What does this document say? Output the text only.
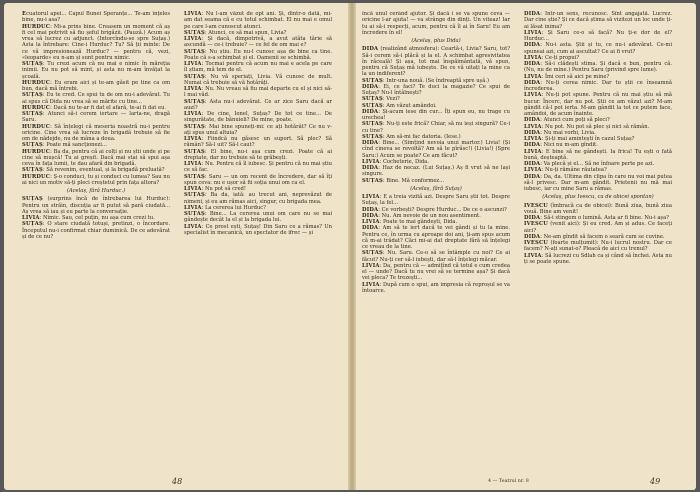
Ecuatorul apei... Capul Bunei Speranțe... Te-am înțeles bine, nu-i asa?

HURDUC: Mi-a prins bine. Creasem un moment că aș fi cel mai potrivit să fiu șeful brigăzii. (Pauză.) Acum aș vrea să lucrez cu adjunct. (Intorcîndu-se spre Suțaș.) Asta la întrebare: Cine-i Hurduc? Tu? Să ții minte: De ce vă impresionează Hurduc? — pentru că, vezi, «leoparde» eu n-am și sunt pentru nimic.

SUȚAȘ: Tu crezi acum că nu mai e nimic în măreția inimii. Eu nu pot să mint, și asta nu m-am învățat la școală.

HURDUC: Eu eram aici și te-am găsit pe tine ca om bun, dacă mă întrebi.

SUȚAȘ: Eu te cred. Ce spui tu de om nu-i adevărat. Tu ai spus că Dida nu vrea să se mărite cu tine...

HURDUC: Dacă nu te-ar fi dat el afară, te-ai fi dat eu.

SUȚAȘ: Atunci să-i cerem iertare — larta-ne, dragă Saru.

HURDUC: Să înțelegi că meseria noastră nu-i pentru oricine. Cine vrea să lucreze în brigadă trebuie să fie om de nădejde, nu de mâna a doua.

SUȚAȘ: Poate mă sancționezi...

HURDUC: Ba da, pentru că ai colți și nu știi unde și pe cine să mușcă! Tu ai greșit. Dacă mai stai să spui așa ceva în fața lumii, te dau afară din brigadă.

SUȚAȘ: Să revenim, eventual, și la brigadă preluată?

HURDUC: Ș-o conduci, tu și conduci cu lumea? Sau nu ai nici un motiv să-ți pleci creștetul prin fața altora?

(Acelaș, fără Hurduc.)

SUȚAȘ (surprins încă de întrebarea lui Hurduc): Pentru un străin, discuția ar fi putut să pară ciudată... Aș vrea să iau și eu parte la conversație.

LIVIA: Nimic. Sau, cel puțin, nu așa cum crezi tu.

SUȚAȘ: O stare ciudată totuși, pretinzi, o încordare. Începutul nu-i confirmat chiar duminică. De ce adevărat și de ce nu?

LIVIA: Nu l-am văzut de opt ani. Și, dintr-o dată, mi-am dat seama că e cu totul schimbat. El nu mai e omul pe care l-am cunoscut atunci.

SUȚAȘ: Atunci, ce să mai spun, Livia?

LIVIA: Și dacă, dimpotrivă, a avut atâta tărie să ascundă — ce-i trebuie? — ce fel de om mai e?

SUȚAȘ: Nu știu. Eu nu-l cunosc așa de bine ca tine. Poate că s-a schimbat și el. Oamenii se schimbă.

LIVIA: Tocmai pentru că acum nu mai e acela pe care îl știam, mă tem de el.

SUȚAȘ: Nu vă speriați, Livia. Vă cunosc de mult. Numai că trebuie să vă hotărâți.

LIVIA: Nu. Nu vreau să fiu mai departe cu el și nici să-l mai văd.

SUȚAȘ: Asta nu-i adevărat. Ce ar zice Saru dacă ar auzi?

LIVIA: De cine, Ionel, Suțaș? De tot ce tine... De singurătate, de bănuieli? De mine, poate.

SUȚAȘ: Mai bine spuneți-mi: ce ați hotărât? Ce nu v-ați spus unul altuia?

LIVIA: Fiindcă nu găsesc un suport. Să plec? Să rămân? Să-l uit? Să-l caut?

SUȚAȘ: El bine, nu-i așa cum crezi. Poate că ai dreptate, dar nu trebuie să te grăbești.

LIVIA: Nu. Pentru că îl iubesc. Și pentru că nu mai știu ce să fac.

SUȚAȘ: Saru — un om recent de încredere, dar să îți spun ceva: nu e ușor să fii soția unui om ca el.

LIVIA: Nu pot să cred!

SUȚAȘ: Ba da, iată: au trecut ani, neprevăzut de nimeni, și eu am rămas aici, singur, cu brigada mea.

LIVIA: La cererea lui Hurduc?

SUȚAȘ: Bine... La cererea unui om care nu se mai gândește decât la el și la brigada lui.

LIVIA: Ce prost ești, Suțaș! Din Saru ce a rămas? Un specialist în mecanică, un spectator de ifrec — și

48

încă unul cerând ajutor. Și dacă i se va spune ceva — oricine l-ar ajuta! — va strânge din dinți. Un viteaz! Iar tu ai să-i respecți, acum, pentru că îl ai în Saru! Eu am încredere în el!

(Acelaș, plus Dida)

DIDA (realizând atmosfera): Ceartă-i, Livia? Saru, tot? Să-i cerem să-i plăcă și la el. A schimbat agresivitatea în răceală! Și așa, tot mai înspăimântată, vă spun, pentru că Suțaș mă iubește. De ce vă uitați la mine ca la un indiferent?

SUȚAȘ: Intr-una nouă. (Se îndreaptă spre ușă.)

DIDA: Ei, ce faci? Te duci la magazie? Ce spui de Suțaș? Nu-l întâlnești?

SUȚAȘ: Vezi?

SUȚAȘ: Am văzut amândoi.

DIDA: Și-acum iese din cur... Îți spun eu, nu trage cu urechea!

SUȚAȘ: Nu-ți este frică? Chiar, să nu ieși singură? Ce-i cu tine?

SUȚAȘ: Am să-mi fac datoria. (Iese.)

DIDA: Bine... (Simțind nevoia unui martor.) Livia! (Și cînd cineva se revoltă? Am să te pîrăsc!) (Livia!) (Spre Saru:) Acum se poate? Ce am făcut?

LIVIA: Cocheterie, Dida.

DIDA: Haz de necaz. (Lui Suțaș.) Aș fi vrut să ne lași singure.

SUȚAȘ: Bine. Mă conformez...

(Acelaș, fără Suțaș)

LIVIA: E a treia vizită azi. Despre Saru știi tot. Despre Suțaș, la fel...

DIDA: Ce vorbești? Despre Hurduc... De ce o ascunzi?

DIDA: Nu. Am nevoie de un nou asentiment.

LIVIA: Poate te mai gândești, Dida.

DIDA: Am să te iert dacă te vei gândi și tu la mine. Pentru ce, în urma cu aproape doi ani, ți-am spus acum că m-ai trădat? Căci mi-ai dat dreptate fără să înțelegi ce vreau de la tine.

SUȚAȘ: Nu. Saru. Ce-o să se întâmple cu noi? Ce ai făcut? Nu-ți cer să-l iubești, dar să-l înțelegi măcar.

LIVIA: Da, pentru că — admițînd că totul e cum credea el — unde? Dacă tu nu vrei să se termine așa? Și dacă vei pleca? Te trezești...

LIVIA: După cum o spui, am impresia că reproșul se va întoarce.

DIDA: Intr-un sens, recunosc. Sînt angajată. Lucrez. Dar cine știe? Și ce dacă știma să vizitezi un loc unde ți-ai lăsat inima?

LIVIA: Și Saru ce-o să facă? Nu ți-e dor de el? Hurduc...

DIDA: Nu-i asta. Știi și tu, ce nu-i adevărat. Ce-mi spuneai azi, cum ai ascultat? Ce ai fi vrut?

LIVIA: Ce-ți propui?

DIDA: Să-i clădești stima. Și dacă e bun, pentru că. (Nu, nu de mine.) Pentru Saru (privind spre lume).

LIVIA: Îmi ceri să aici pe mine?

DIDA: Nu-ți cerea nimic. Dar tu știi ce înseamnă încrederea.

LIVIA: Nu-ți pot spune. Pentru că nu mai știu să mă bucur. Încerc, dar nu pot. Știi ce am văzut azi? M-am gândit că-l pot ierta. M-am gândit la tot ce putem face, amândoi, de acum înainte.

DIDA: Atunci cum poți să pleci?

LIVIA: Nu pot. Nu pot să plec și nici să rămân.

DIDA: Nu mai vorbi, Livia.

LIVIA: Și-ți mai amintești în cazul Suțaș?

DIDA: Nici nu m-am gîndit.

LIVIA: E bine să ne gândești. Ia frica! Tu ești o fată bună, deșteaptă.

DIDA: Va plecă și el... Să ne înfoare perte pe azi.

LIVIA: Nu-ți rămâne răutatea?

DIDA: Da, da. Ultima din clipa în care nu voi mai putea să-l privesc. Dar m-am gândit. Prietenii nu mă mai iubesc, iar cu mine Saru a rămas.

(Acelaș, plus Ivescu, ca de obicei spontan)

IVESCU (îmbracă ca de obicei): Bună ziua, bună ziua vouă. Bine am venit!

DIDA: Să-i stingem o lumină. Asta ar fi bine. Nu-i așa?

IVESCU (venit aici): Și eu cred. Am și adus. Ce faceți aici?

DIDA: Ne-am gîndit să facem o seară cum se cuvine.

IVESCU (foarte mulțumit): Nu-i lucrul nostru. Dar ce facem? N-ați sunat-o? Pleacă de aici cu trenul?

LIVIA: Să lucrezi cu Sdlah ca și când să închei. Asta nu ți se poate spune.

4 — Teatrul nr. 8	49
